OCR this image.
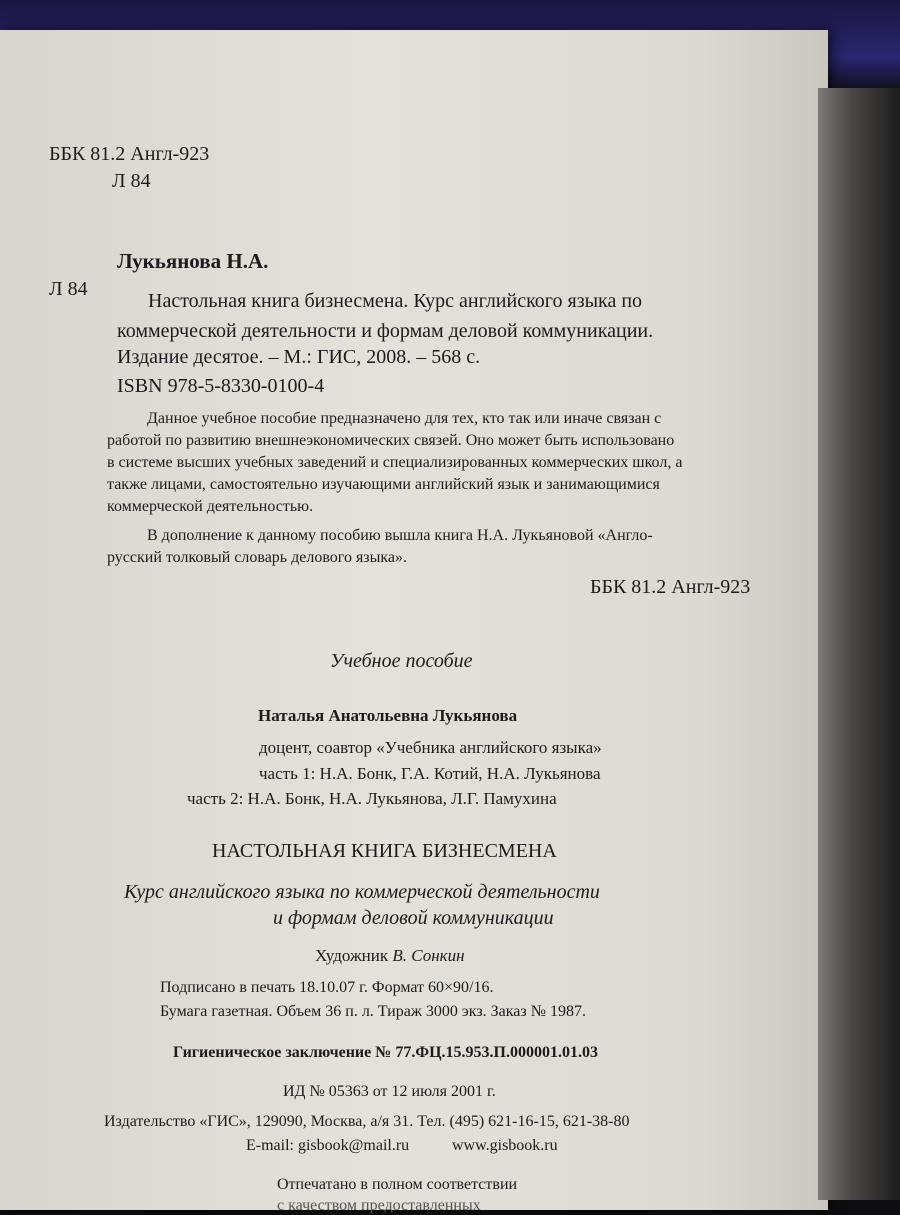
ББК 81.2 Англ-923
Л 84
Лукьянова Н.А.
Л 84
Настольная книга бизнесмена. Курс английского языка по
коммерческой деятельности и формам деловой коммуникации.
Издание десятое. – М.: ГИС, 2008. – 568 с.
ISBN 978-5-8330-0100-4
Данное учебное пособие предназначено для тех, кто так или иначе связан с
работой по развитию внешнеэкономических связей. Оно может быть использовано
в системе высших учебных заведений и специализированных коммерческих школ, а
также лицами, самостоятельно изучающими английский язык и занимающимися
коммерческой деятельностью.
В дополнение к данному пособию вышла книга Н.А. Лукьяновой «Англо-
русский толковый словарь делового языка».
ББК 81.2 Англ-923
Учебное пособие
Наталья Анатольевна Лукьянова
доцент, соавтор «Учебника английского языка»
часть 1: Н.А. Бонк, Г.А. Котий, Н.А. Лукьянова
часть 2: Н.А. Бонк, Н.А. Лукьянова, Л.Г. Памухина
НАСТОЛЬНАЯ КНИГА БИЗНЕСМЕНА
Курс английского языка по коммерческой деятельности
и формам деловой коммуникации
Художник В. Сонкин
Подписано в печать 18.10.07 г. Формат 60×90/16.
Бумага газетная. Объем 36 п. л. Тираж 3000 экз. Заказ № 1987.
Гигиеническое заключение № 77.ФЦ.15.953.П.000001.01.03
ИД № 05363 от 12 июля 2001 г.
Издательство «ГИС», 129090, Москва, а/я 31. Тел. (495) 621-16-15, 621-38-80
E-mail: gisbook@mail.ru	www.gisbook.ru
Отпечатано в полном соответствии
с качеством предоставленных
